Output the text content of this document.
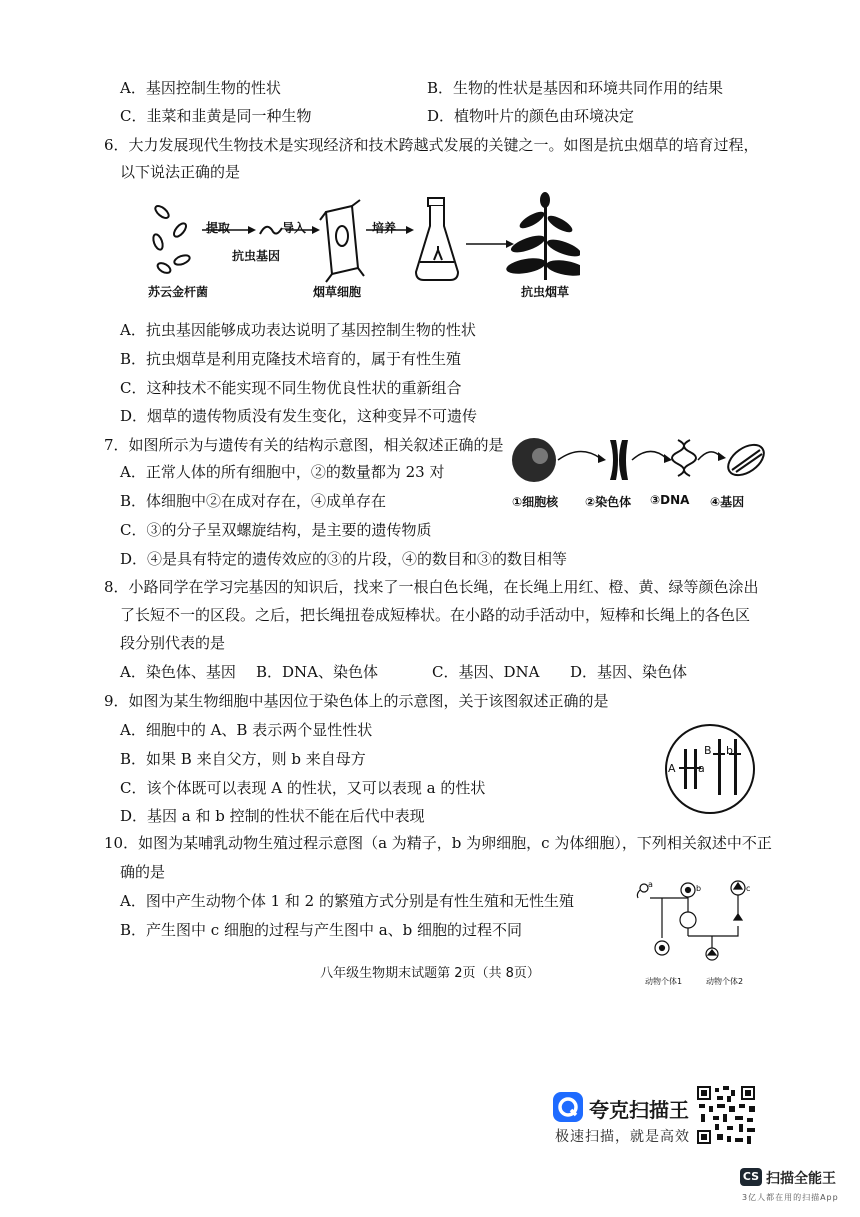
A．基因控制生物的性状	B．生物的性状是基因和环境共同作用的结果
C．韭菜和韭黄是同一种生物	D．植物叶片的颜色由环境决定
6．大力发展现代生物技术是实现经济和技术跨越式发展的关键之一。如图是抗虫烟草的培育过程，
以下说法正确的是
提取	导入	培养
抗虫基因
苏云金杆菌	烟草细胞	抗虫烟草
A．抗虫基因能够成功表达说明了基因控制生物的性状
B．抗虫烟草是利用克隆技术培育的，属于有性生殖
C．这种技术不能实现不同生物优良性状的重新组合
D．烟草的遗传物质没有发生变化，这种变异不可遗传
7．如图所示为与遗传有关的结构示意图，相关叙述正确的是
A．正常人体的所有细胞中，②的数量都为 23 对
B．体细胞中②在成对存在，④成单存在
C．③的分子呈双螺旋结构，是主要的遗传物质
D．④是具有特定的遗传效应的③的片段，④的数目和③的数目相等
①细胞核 ②染色体 ③DNA ④基因
8．小路同学在学习完基因的知识后，找来了一根白色长绳，在长绳上用红、橙、黄、绿等颜色涂出
了长短不一的区段。之后，把长绳扭卷成短棒状。在小路的动手活动中，短棒和长绳上的各色区
段分别代表的是
A．染色体、基因 B．DNA、染色体	C．基因、DNA D．基因、染色体
9．如图为某生物细胞中基因位于染色体上的示意图，关于该图叙述正确的是
A．细胞中的 A、B 表示两个显性性状
B．如果 B 来自父方，则 b 来自母方
C．该个体既可以表现 A 的性状，又可以表现 a 的性状
D．基因 a 和 b 控制的性状不能在后代中表现
A a
B b
10．如图为某哺乳动物生殖过程示意图（a 为精子，b 为卵细胞，c 为体细胞），下列相关叙述中不正
确的是
A．图中产生动物个体 1 和 2 的繁殖方式分别是有性生殖和无性生殖
B．产生图中 c 细胞的过程与产生图中 a、b 细胞的过程不同
a	b	c
动物个体1	动物个体2
八年级生物期末试题第 2页（共 8页）
夸克扫描王
极速扫描，就是高效
CS 扫描全能王
3亿人都在用的扫描App
